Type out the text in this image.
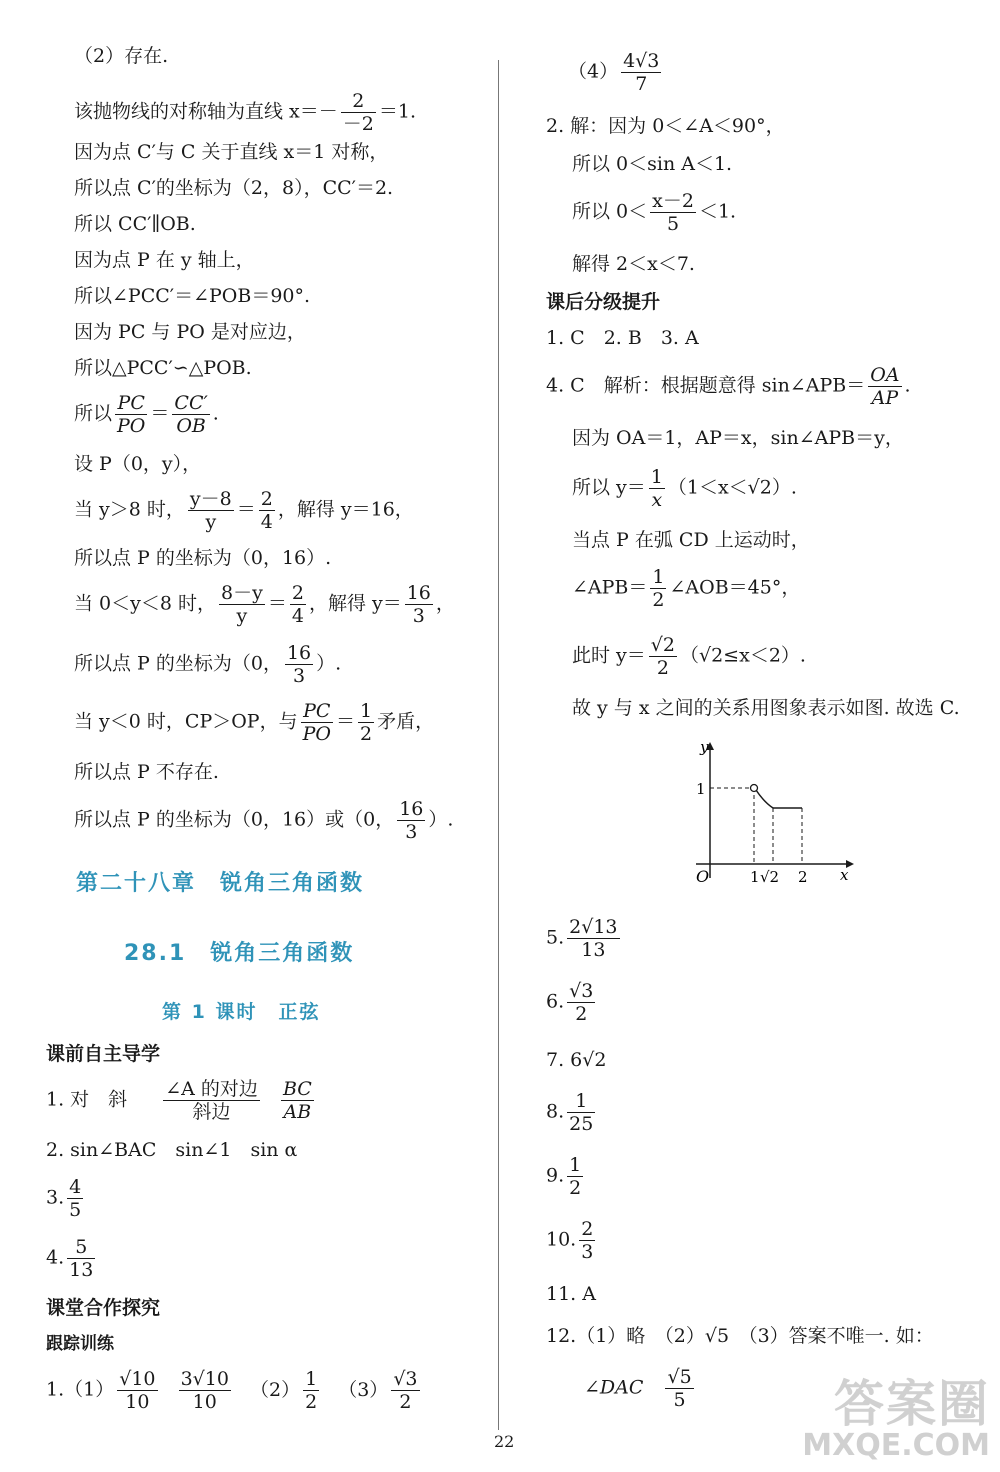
（2）存在.
该抛物线的对称轴为直线 $x=- \frac{2}{-2} =1$.
因为点 C′与 C 关于直线 x＝1 对称，
所以点 C′的坐标为（2，8），CC′＝2.
所以 CC′∥OB.
因为点 P 在 y 轴上，
所以∠PCC′＝∠POB＝90°.
因为 PC 与 PO 是对应边，
所以△PCC′∽△POB.
所以 $\frac{PC}{PO} = \frac{CC'}{OB}$ .
设 P（0，y），
当 y＞8 时， $\frac{y-8}{y} = \frac{2}{4}$ ，解得 y＝16，
所以点 P 的坐标为（0，16）.
当 0＜y＜8 时， $\frac{8-y}{y} = \frac{2}{4}$ ，解得 $y= \frac{16}{3}$ ，
所以点 P 的坐标为（0， $\frac{16}{3}$ ）.
当 y＜0 时，CP＞OP，与 $\frac{PC}{PO} = \frac{1}{2}$ 矛盾，
所以点 P 不存在.
所以点 P 的坐标为（0，16）或（0， $\frac{16}{3}$ ）.
第二十八章　锐角三角函数
28.1　锐角三角函数
第 1 课时　正弦
课前自主导学
1. 对　斜 $\frac{\text{∠A 的对边}}{\text{斜边}}$
$\frac{BC}{AB}$
2. sin∠BAC　sin∠1　sin α
3. $\frac{4}{5}$
4. $\frac{5}{13}$
课堂合作探究
跟踪训练
$1.(1) \frac{√10}{10}$
$\frac{3√10}{10} (2) \frac{1}{2} (3) \frac{√3}{2}$
$(4) \frac{4√3}{7}$
2. 解：因为 0＜∠A＜90°，
所以 0＜sin A＜1.
所以 $0< \frac{x-2}{5} <1$.
解得 2＜x＜7.
课后分级提升
1. C　2. B　3. A
4. C　解析：根据题意得 sin∠APB＝ $\frac{OA}{AP}$ .
因为 OA＝1，AP＝x，sin∠APB＝y，
所以 $y= \frac{1}{x} (1<x<√2)$.
当点 P 在弧 CD 上运动时，
∠APB＝ $\frac{1}{2}$ ∠AOB＝45°，
此时 $y= \frac{√2}{2} (√2\le x<2)$.
故 y 与 x 之间的关系用图象表示如图. 故选 C.
y
x
O
1
1 √2 2
5. $\frac{2√13}{13}$
6. $\frac{√3}{2}$
7. 6√2
8. $\frac{1}{25}$
9. $\frac{1}{2}$
10. $\frac{2}{3}$
11. A
12.（1）略　（2）√5　（3）答案不唯一. 如：
∠DAC $\frac{√5}{5}$
22
答案圈
MXQE.COM
